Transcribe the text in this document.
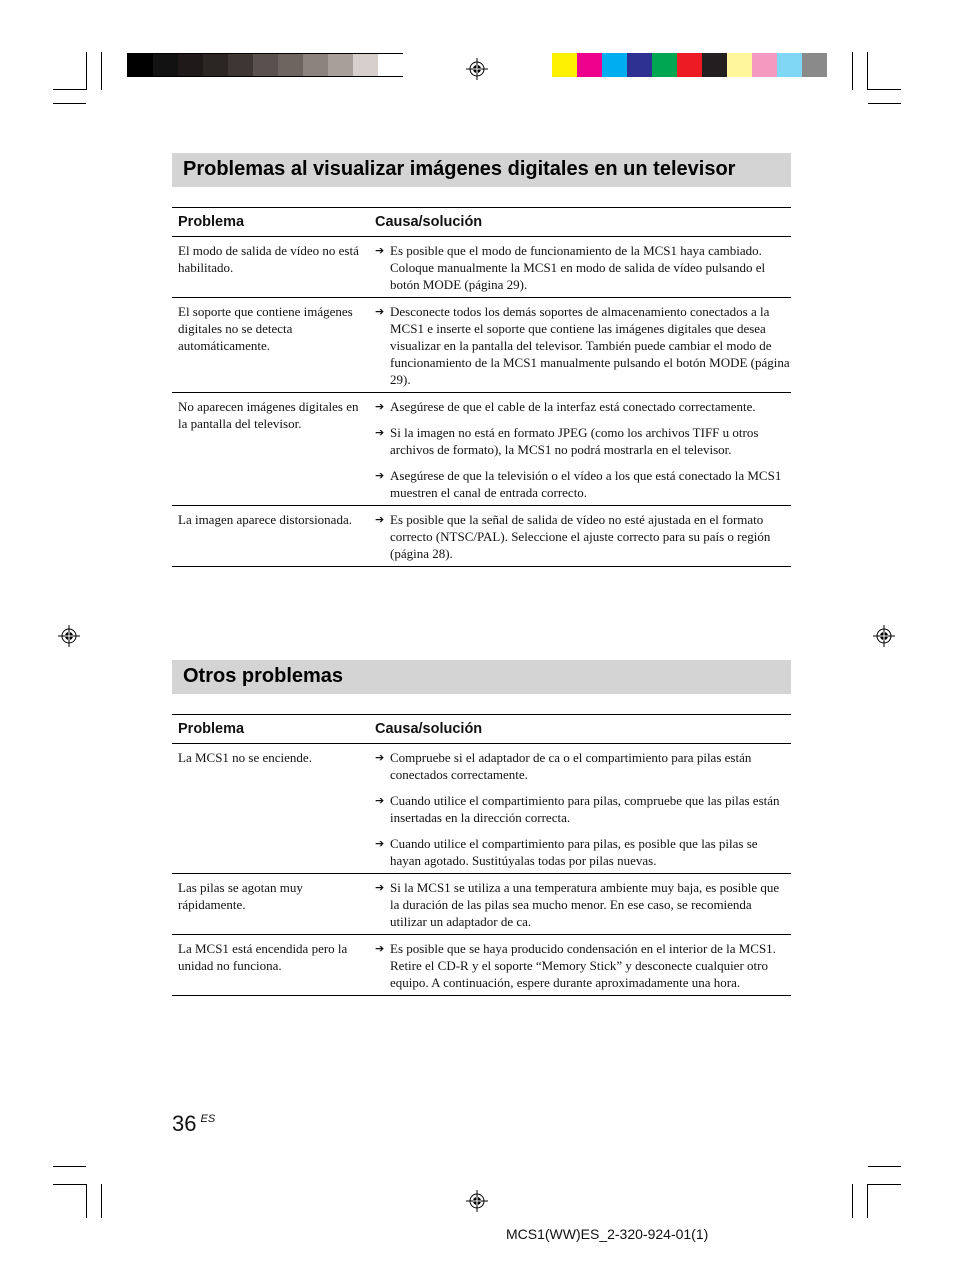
Problemas al visualizar imágenes digitales en un televisor
Problema	Causa/solución
El modo de salida de vídeo no está habilitado.
➔ Es posible que el modo de funcionamiento de la MCS1 haya cambiado. Coloque manualmente la MCS1 en modo de salida de vídeo pulsando el botón MODE (página 29).
El soporte que contiene imágenes digitales no se detecta automáticamente.
➔ Desconecte todos los demás soportes de almacenamiento conectados a la MCS1 e inserte el soporte que contiene las imágenes digitales que desea visualizar en la pantalla del televisor. También puede cambiar el modo de funcionamiento de la MCS1 manualmente pulsando el botón MODE (página 29).
No aparecen imágenes digitales en la pantalla del televisor.
➔ Asegúrese de que el cable de la interfaz está conectado correctamente.
➔ Si la imagen no está en formato JPEG (como los archivos TIFF u otros archivos de formato), la MCS1 no podrá mostrarla en el televisor.
➔ Asegúrese de que la televisión o el vídeo a los que está conectado la MCS1 muestren el canal de entrada correcto.
La imagen aparece distorsionada.	➔ Es posible que la señal de salida de vídeo no esté ajustada en el formato correcto (NTSC/PAL). Seleccione el ajuste correcto para su país o región (página 28).
Otros problemas
Problema	Causa/solución
La MCS1 no se enciende.	➔ Compruebe si el adaptador de ca o el compartimiento para pilas están conectados correctamente.
➔ Cuando utilice el compartimiento para pilas, compruebe que las pilas están insertadas en la dirección correcta.
➔ Cuando utilice el compartimiento para pilas, es posible que las pilas se hayan agotado. Sustitúyalas todas por pilas nuevas.
Las pilas se agotan muy rápidamente.
➔ Si la MCS1 se utiliza a una temperatura ambiente muy baja, es posible que la duración de las pilas sea mucho menor. En ese caso, se recomienda utilizar un adaptador de ca.
La MCS1 está encendida pero la unidad no funciona.
➔ Es posible que se haya producido condensación en el interior de la MCS1. Retire el CD-R y el soporte “Memory Stick” y desconecte cualquier otro equipo. A continuación, espere durante aproximadamente una hora.
36 $^{ES}$
MCS1(WW)ES_2-320-924-01(1)
